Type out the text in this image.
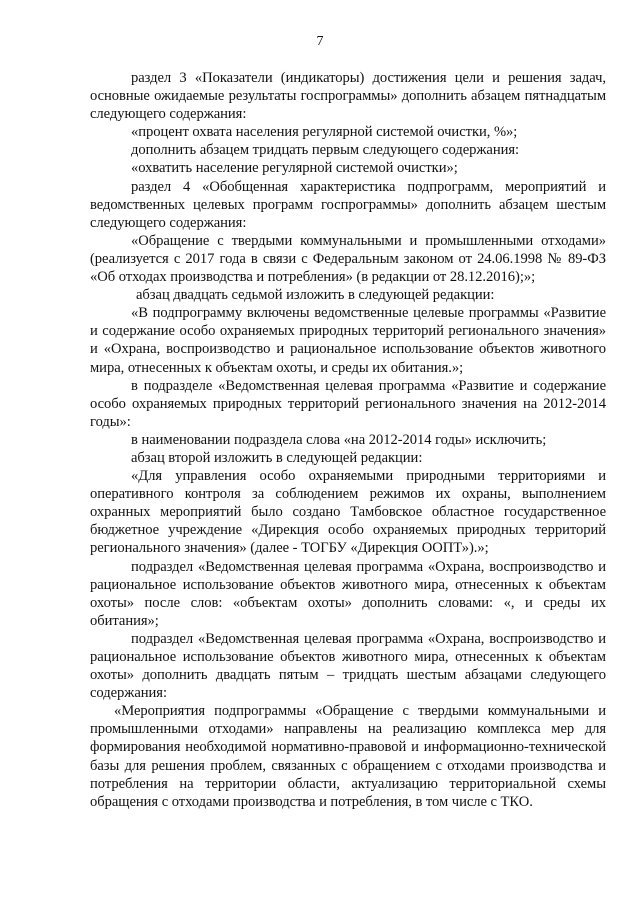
7

раздел 3 «Показатели (индикаторы) достижения цели и решения задач, основные ожидаемые результаты госпрограммы» дополнить абзацем пятнадцатым следующего содержания:

«процент охвата населения регулярной системой очистки, %»;

дополнить абзацем тридцать первым следующего содержания:

«охватить население регулярной системой очистки»;

раздел 4 «Обобщенная характеристика подпрограмм, мероприятий и ведомственных целевых программ госпрограммы» дополнить абзацем шестым следующего содержания:

«Обращение с твердыми коммунальными и промышленными отходами» (реализуется с 2017 года в связи с Федеральным законом от 24.06.1998 № 89-ФЗ «Об отходах производства и потребления» (в редакции от 28.12.2016);»;

абзац двадцать седьмой изложить в следующей редакции:

«В подпрограмму включены ведомственные целевые программы «Развитие и содержание особо охраняемых природных территорий регионального значения» и «Охрана, воспроизводство и рациональное использование объектов животного мира, отнесенных к объектам охоты, и среды их обитания.»;

в подразделе «Ведомственная целевая программа «Развитие и содержание особо охраняемых природных территорий регионального значения на 2012-2014 годы»:

в наименовании подраздела слова «на 2012-2014 годы» исключить;

абзац второй изложить в следующей редакции:

«Для управления особо охраняемыми природными территориями и оперативного контроля за соблюдением режимов их охраны, выполнением охранных мероприятий было создано Тамбовское областное государственное бюджетное учреждение «Дирекция особо охраняемых природных территорий регионального значения» (далее - ТОГБУ «Дирекция ООПТ»).»;

подраздел «Ведомственная целевая программа «Охрана, воспроизводство и рациональное использование объектов животного мира, отнесенных к объектам охоты» после слов: «объектам охоты» дополнить словами: «, и среды их обитания»;

подраздел «Ведомственная целевая программа «Охрана, воспроизводство и рациональное использование объектов животного мира, отнесенных к объектам охоты» дополнить двадцать пятым – тридцать шестым абзацами следующего содержания:

«Мероприятия подпрограммы «Обращение с твердыми коммунальными и промышленными отходами» направлены на реализацию комплекса мер для формирования необходимой нормативно-правовой и информационно-технической базы для решения проблем, связанных с обращением с отходами производства и потребления на территории области, актуализацию территориальной схемы обращения с отходами производства и потребления, в том числе с ТКО.
